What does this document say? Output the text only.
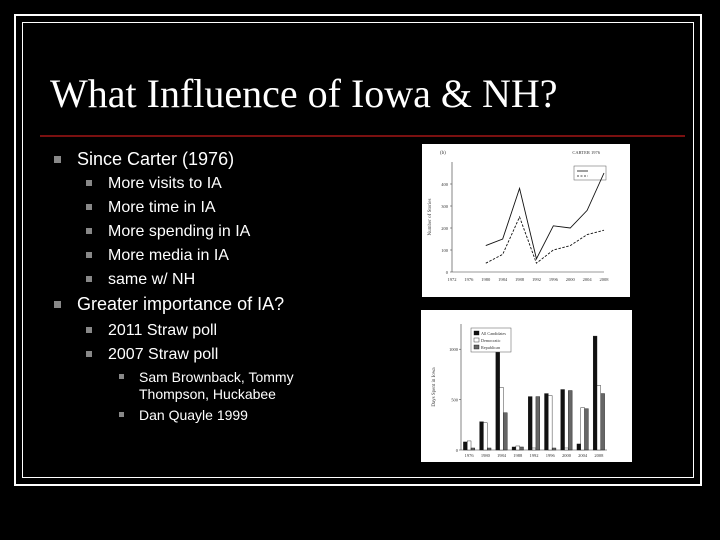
What Influence of Iowa & NH?
Since Carter (1976)
More visits to IA
More time in IA
More spending in IA
More media in IA
same w/ NH
Greater importance of IA?
2011 Straw poll
2007 Straw poll
Sam Brownback, Tommy Thompson, Huckabee
Dan Quayle 1999
0
100
200
300
400
1972 1976 1980 1984 1988 1992 1996 2000 2004 2008
Number of Stories
(b)	CARTER 1976
0
500
1000
Days Spent in Iowa
1976 1980 1984 1988 1992 1996 2000 2004 2008
All Candidates
Democratic
Republican
